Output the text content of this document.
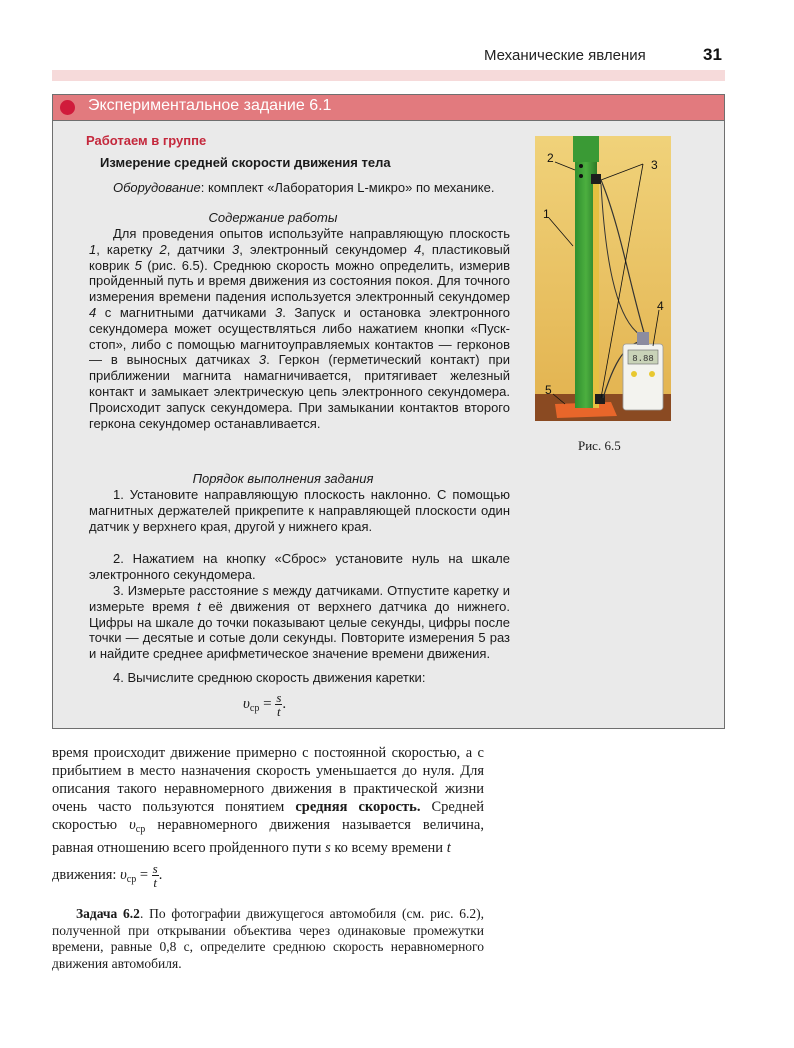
Механические явления	31
Экспериментальное задание 6.1
Работаем в группе
Измерение средней скорости движения тела
Оборудование: комплект «Лаборатория L-микро» по механике.
Содержание работы
Для проведения опытов используйте направляющую плоскость 1, каретку 2, датчики 3, электронный секундомер 4, пластиковый коврик 5 (рис. 6.5). Среднюю скорость можно определить, измерив пройденный путь и время движения из состояния покоя. Для точного измерения времени падения используется электронный секундомер 4 с магнитными датчиками 3. Запуск и остановка электронного секундомера может осуществляться либо нажатием кнопки «Пуск-стоп», либо с помощью магнитоуправляемых контактов — герконов — в выносных датчиках 3. Геркон (герметический контакт) при приближении магнита намагничивается, притягивает железный контакт и замыкает электрическую цепь электронного секундомера. Происходит запуск секундомера. При замыкании контактов второго геркона секундомер останавливается.
Порядок выполнения задания
1. Установите направляющую плоскость наклонно. С помощью магнитных держателей прикрепите к направляющей плоскости один датчик у верхнего края, другой у нижнего края.
2. Нажатием на кнопку «Сброс» установите нуль на шкале электронного секундомера.
3. Измерьте расстояние s между датчиками. Отпустите каретку и измерьте время t её движения от верхнего датчика до нижнего. Цифры на шкале до точки показывают целые секунды, цифры после точки — десятые и сотые доли секунды. Повторите измерения 5 раз и найдите среднее арифметическое значение времени движения.
4. Вычислите среднюю скорость движения каретки:
$\upsilon_{ср} = \frac{s}{t}$ .
8.88
2	3
1
4
5
Рис. 6.5
время происходит движение примерно с постоянной скоростью, а с прибытием в место назначения скорость уменьшается до нуля. Для описания такого неравномерного движения в практической жизни очень часто пользуются понятием средняя скорость. Средней скоростью $\upsilon_{ср}$ неравномерного движения называется величина, равная отношению всего пройденного пути s ко всему времени t
движения: $\upsilon_{ср} = \frac{s}{t}$ .
Задача 6.2. По фотографии движущегося автомобиля (см. рис. 6.2), полученной при открывании объектива через одинаковые промежутки времени, равные 0,8 с, определите среднюю скорость неравномерного движения автомобиля.
